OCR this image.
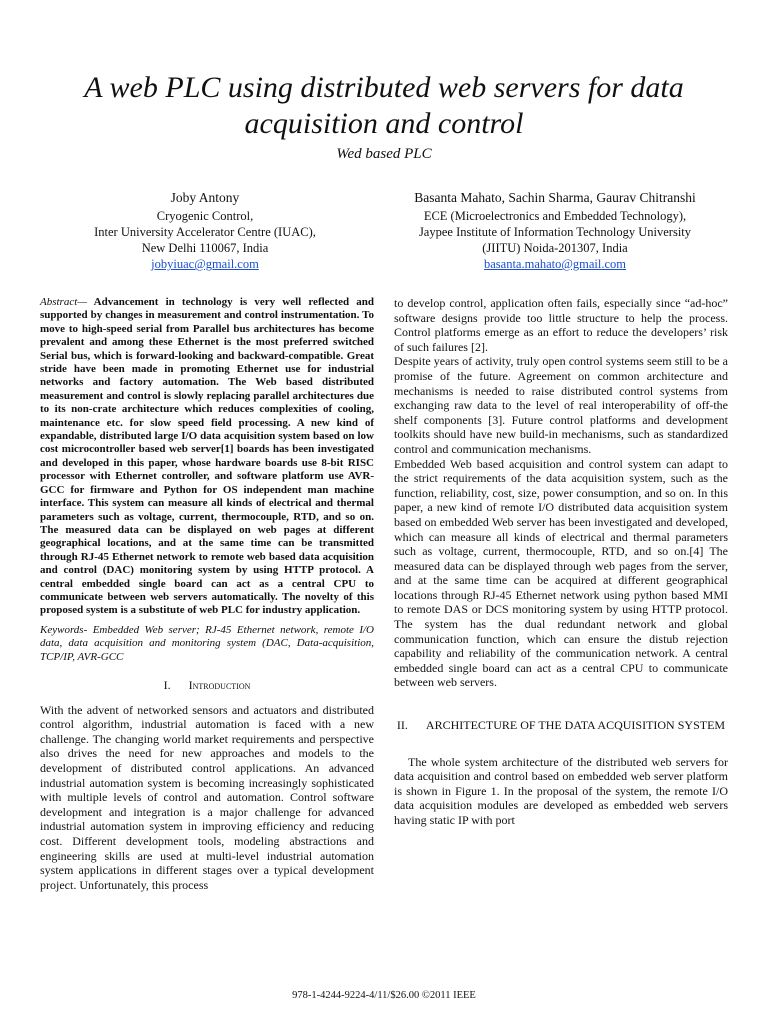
A web PLC using distributed web servers for data acquisition and control
Wed based PLC
Joby Antony
Cryogenic Control,
Inter University Accelerator Centre (IUAC),
New Delhi 110067, India
jobyiuac@gmail.com
Basanta Mahato, Sachin Sharma, Gaurav Chitranshi
ECE (Microelectronics and Embedded Technology),
Jaypee Institute of Information Technology University
(JIITU) Noida-201307, India
basanta.mahato@gmail.com

Abstract— Advancement in technology is very well reflected and supported by changes in measurement and control instrumentation. To move to high-speed serial from Parallel bus architectures has become prevalent and among these Ethernet is the most preferred switched Serial bus, which is forward-looking and backward-compatible. Great stride have been made in promoting Ethernet use for industrial networks and factory automation. The Web based distributed measurement and control is slowly replacing parallel architectures due to its non-crate architecture which reduces complexities of cooling, maintenance etc. for slow speed field processing. A new kind of expandable, distributed large I/O data acquisition system based on low cost microcontroller based web server[1] boards has been investigated and developed in this paper, whose hardware boards use 8-bit RISC processor with Ethernet controller, and software platform use AVR-GCC for firmware and Python for OS independent man machine interface. This system can measure all kinds of electrical and thermal parameters such as voltage, current, thermocouple, RTD, and so on. The measured data can be displayed on web pages at different geographical locations, and at the same time can be transmitted through RJ-45 Ethernet network to remote web based data acquisition and control (DAC) monitoring system by using HTTP protocol. A central embedded single board can act as a central CPU to communicate between web servers automatically. The novelty of this proposed system is a substitute of web PLC for industry application.

Keywords- Embedded Web server; RJ-45 Ethernet network, remote I/O data, data acquisition and monitoring system (DAC, Data-acquisition, TCP/IP, AVR-GCC

I. Introduction

With the advent of networked sensors and actuators and distributed control algorithm, industrial automation is faced with a new challenge. The changing world market requirements and perspective also drives the need for new approaches and models to the development of distributed control applications. An advanced industrial automation system is becoming increasingly sophisticated with multiple levels of control and automation. Control software development and integration is a major challenge for advanced industrial automation system in improving efficiency and reducing cost. Different development tools, modeling abstractions and engineering skills are used at multi-level industrial automation system applications in different stages over a typical development project. Unfortunately, this process

to develop control, application often fails, especially since “ad-hoc” software designs provide too little structure to help the process. Control platforms emerge as an effort to reduce the developers’ risk of such failures [2].

Despite years of activity, truly open control systems seem still to be a promise of the future. Agreement on common architecture and mechanisms is needed to raise distributed control systems from exchanging raw data to the level of real interoperability of off-the shelf components [3]. Future control platforms and development toolkits should have new build-in mechanisms, such as standardized control and communication mechanisms.

Embedded Web based acquisition and control system can adapt to the strict requirements of the data acquisition system, such as the function, reliability, cost, size, power consumption, and so on. In this paper, a new kind of remote I/O distributed data acquisition system based on embedded Web server has been investigated and developed, which can measure all kinds of electrical and thermal parameters such as voltage, current, thermocouple, RTD, and so on.[4] The measured data can be displayed through web pages from the server, and at the same time can be acquired at different geographical locations through RJ-45 Ethernet network using python based MMI to remote DAS or DCS monitoring system by using HTTP protocol. The system has the dual redundant network and global communication function, which can ensure the distub rejection capability and reliability of the communication network. A central embedded single board can act as a central CPU to communicate between web servers.

II. ARCHITECTURE OF THE DATA ACQUISITION SYSTEM

The whole system architecture of the distributed web servers for data acquisition and control based on embedded web server platform is shown in Figure 1. In the proposal of the system, the remote I/O data acquisition modules are developed as embedded web servers having static IP with port

978-1-4244-9224-4/11/$26.00 ©2011 IEEE
